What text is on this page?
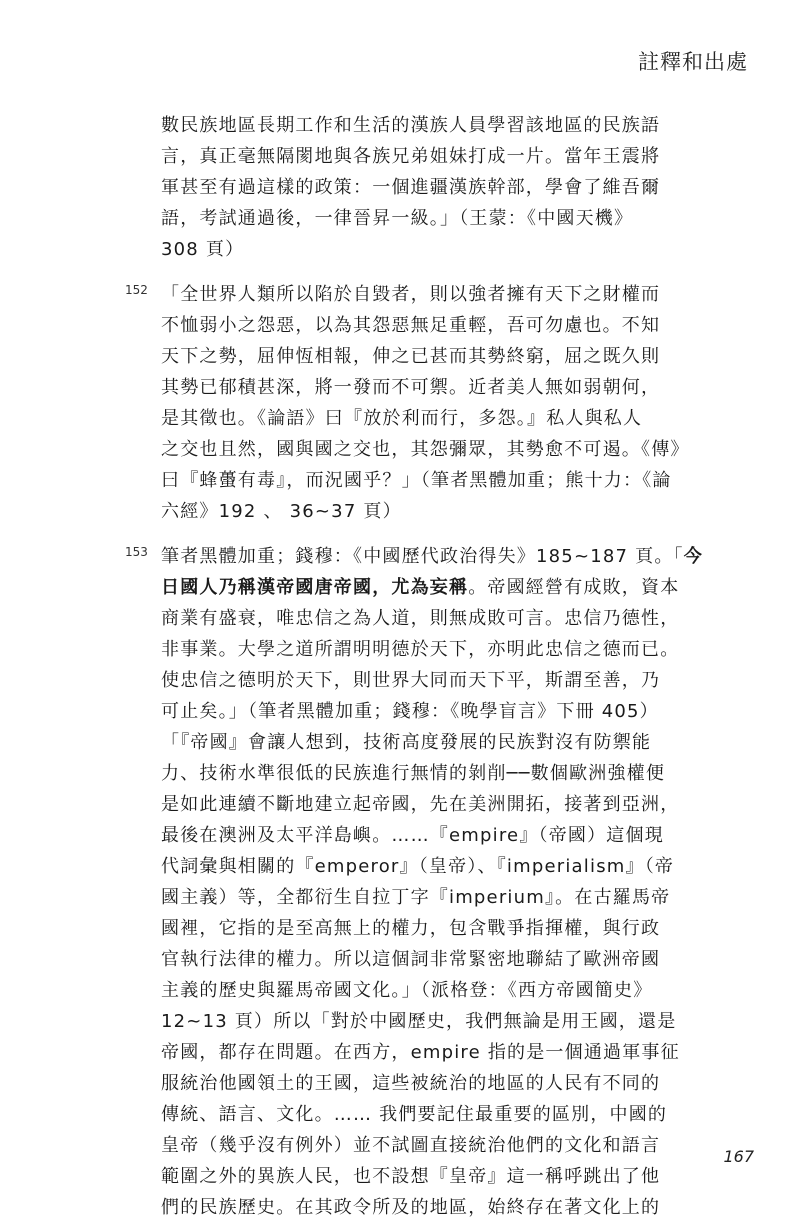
註釋和出處
數民族地區長期工作和生活的漢族人員學習該地區的民族語
言，真正毫無隔閡地與各族兄弟姐妹打成一片。當年王震將
軍甚至有過這樣的政策：一個進疆漢族幹部，學會了維吾爾
語，考試通過後，一律晉昇一級。」（王蒙：《中國天機》
308 頁）
152 「全世界人類所以陷於自毀者，則以強者擁有天下之財權而
不恤弱小之怨惡，以為其怨惡無足重輕，吾可勿慮也。不知
天下之勢，屈伸恆相報，伸之已甚而其勢終窮，屈之既久則
其勢已郁積甚深，將一發而不可禦。近者美人無如弱朝何，
是其徵也。《論語》曰『放於利而行，多怨。』私人與私人
之交也且然，國與國之交也，其怨彌眾，其勢愈不可遏。《傳》
曰『蜂蠆有毒』，而況國乎？」（筆者黑體加重；熊十力：《論
六經》192 、 36~37 頁）
153 筆者黑體加重；錢穆：《中國歷代政治得失》185~187 頁。「今
日國人乃稱漢帝國唐帝國，尤為妄稱。帝國經營有成敗，資本
商業有盛衰，唯忠信之為人道，則無成敗可言。忠信乃德性，
非事業。大學之道所謂明明德於天下，亦明此忠信之德而已。
使忠信之德明於天下，則世界大同而天下平，斯謂至善，乃
可止矣。」（筆者黑體加重；錢穆：《晚學盲言》下冊 405）
「『帝國』會讓人想到，技術高度發展的民族對沒有防禦能
力、技術水準很低的民族進行無情的剝削──數個歐洲強權便
是如此連續不斷地建立起帝國，先在美洲開拓，接著到亞洲，
最後在澳洲及太平洋島嶼。……『empire』（帝國）這個現
代詞彙與相關的『emperor』（皇帝）、『imperialism』（帝
國主義）等，全都衍生自拉丁字『imperium』。在古羅馬帝
國裡，它指的是至高無上的權力，包含戰爭指揮權，與行政
官執行法律的權力。所以這個詞非常緊密地聯結了歐洲帝國
主義的歷史與羅馬帝國文化。」（派格登：《西方帝國簡史》
12~13 頁）所以「對於中國歷史，我們無論是用王國，還是
帝國，都存在問題。在西方，empire 指的是一個通過軍事征
服統治他國領土的王國，這些被統治的地區的人民有不同的
傳統、語言、文化。…… 我們要記住最重要的區別，中國的
皇帝（幾乎沒有例外）並不試圖直接統治他們的文化和語言
範圍之外的異族人民，也不設想『皇帝』這一稱呼跳出了他
們的民族歷史。在其政令所及的地區，始終存在著文化上的
167
